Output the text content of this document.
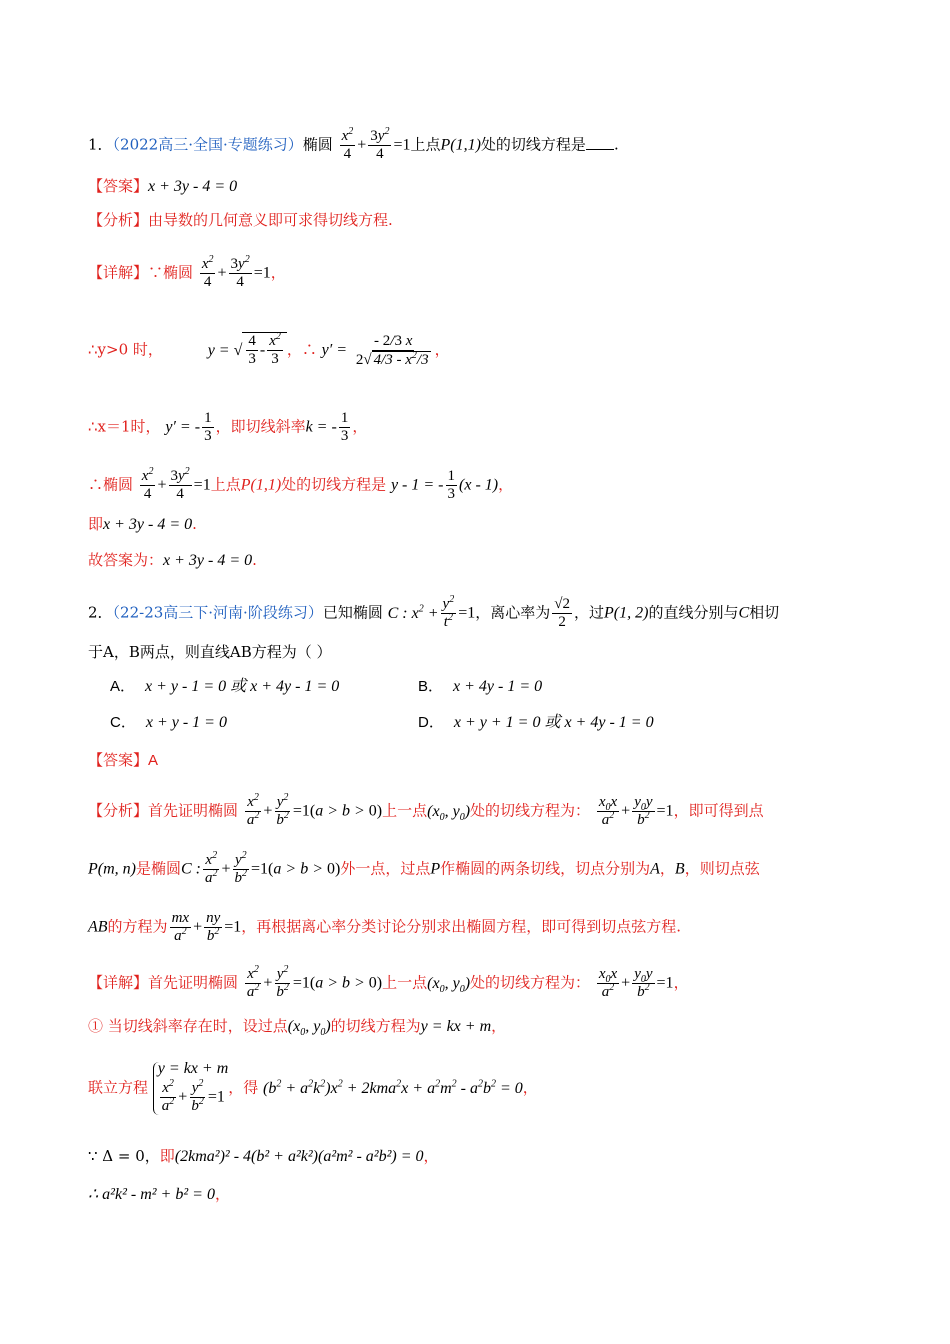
1．（2022高三·全国·专题练习）椭圆 $\frac{x^2}{4} + \frac{3y^2}{4} =1$上点P(1,1)处的切线方程是 .
【答案】x + 3y - 4 = 0
【分析】由导数的几何意义即可求得切线方程.
【详解】∵椭圆 $\frac{x^2}{4} + \frac{3y^2}{4} =1$，
∴y>0 时，	y = √ $\frac{4}{3} - \frac{x^2}{3}$ ，∴ $y' = \frac{- 2/3 x}{2√ 4/3 - x^2/3}$ ，
∴x＝1时， y′ = - $\frac{1}{3}$ ，即切线斜率k = - $\frac{1}{3}$ ，
∴椭圆 $\frac{x^2}{4} + \frac{3y^2}{4} =1$上点P(1,1)处的切线方程是 y - 1 = - $\frac{1}{3} (x - 1)$，
即x + 3y - 4 = 0.
故答案为：x + 3y - 4 = 0.
2．（22-23高三下·河南·阶段练习）已知椭圆 C : $x^2 + \frac{y^2}{t^2} =1$，离心率为 $\frac{√2}{2}$ ，过P(1, 2)的直线分别与C相切
于A，B两点，则直线AB方程为（ ）
A． x + y - 1 = 0 或 x + 4y - 1 = 0	B． x + 4y - 1 = 0
C． x + y - 1 = 0	D． x + y + 1 = 0 或 x + 4y - 1 = 0
【答案】A
【分析】首先证明椭圆 $\frac{x^2}{a^2} + \frac{y^2}{b^2} =1(a > b > 0)$上一点($x_0$, $y_0$)处的切线方程为： $\frac{x_0x}{a^2} + \frac{y_0y}{b^2} =1$，即可得到点
P(m, n)是椭圆C : $\frac{x^2}{a^2} + \frac{y^2}{b^2} =1(a > b > 0)$外一点，过点P作椭圆的两条切线，切点分别为A，B，则切点弦
AB的方程为 $\frac{mx}{a^2} + \frac{ny}{b^2} =1$，再根据离心率分类讨论分别求出椭圆方程，即可得到切点弦方程.
【详解】首先证明椭圆 $\frac{x^2}{a^2} + \frac{y^2}{b^2} =1(a > b > 0)$上一点($x_0$, $y_0$)处的切线方程为： $\frac{x_0x}{a^2} + \frac{y_0y}{b^2} =1$，
① 当切线斜率存在时，设过点($x_0$, $y_0$)的切线方程为y = kx + m，
联立方程
y = kx + m
$\frac{x^2}{a^2} + \frac{y^2}{b^2} =1$
，得 $(b^2 + a^2k^2)x^2 + 2kma^2x + a^2m^2 - a^2b^2 = 0$，
∵ Δ = 0，即(2kma²)² - 4(b² + a²k²)(a²m² - a²b²) = 0，
∴ a²k² - m² + b² = 0，
